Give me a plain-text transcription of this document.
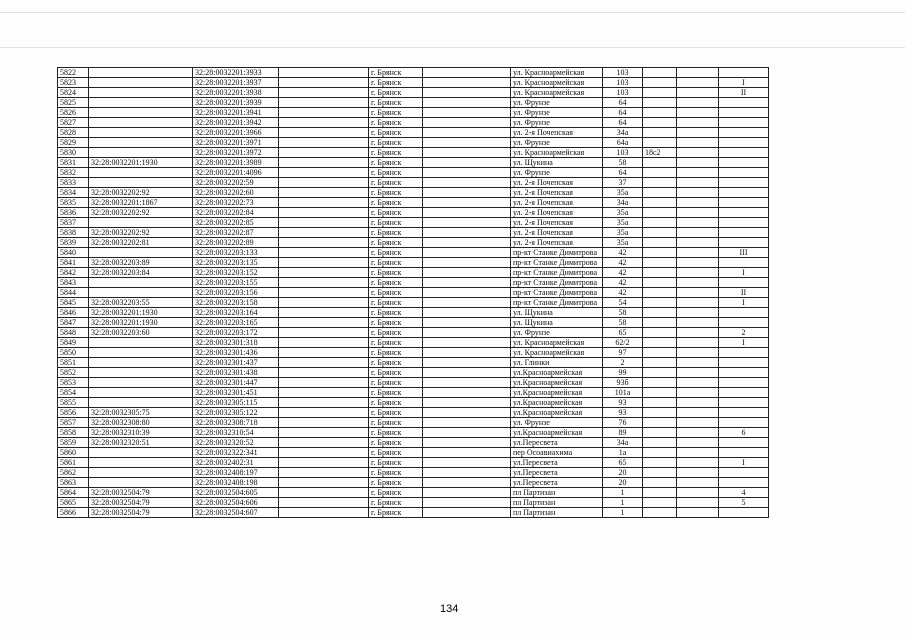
5822		32:28:0032201:3933		г. Брянск		ул. Красноармейская	103			
5823		32:28:0032201:3937		г. Брянск		ул. Красноармейская	103			I
5824		32:28:0032201:3938		г. Брянск		ул. Красноармейская	103			II
5825		32:28:0032201:3939		г. Брянск		ул. Фрунзе	64			
5826		32:28:0032201:3941		г. Брянск		ул. Фрунзе	64			
5827		32:28:0032201:3942		г. Брянск		ул. Фрунзе	64			
5828		32:28:0032201:3966		г. Брянск		ул. 2-я Почепская	34а			
5829		32:28:0032201:3971		г. Брянск		ул. Фрунзе	64а			
5830		32:28:0032201:3972		г. Брянск		ул. Красноармейская	103	18с2		
5831	32:28:0032201:1930	32:28:0032201:3989		г. Брянск		ул. Щукина	58			
5832		32:28:0032201:4096		г. Брянск		ул. Фрунзе	64			
5833		32:28:0032202:59		г. Брянск		ул. 2-я Почепская	37			
5834	32:28:0032202:92	32:28:0032202:60		г. Брянск		ул. 2-я Почепская	35а			
5835	32:28:0032201:1867	32:28:0032202:73		г. Брянск		ул. 2-я Почепская	34а			
5836	32:28:0032202:92	32:28:0032202:84		г. Брянск		ул. 2-я Почепская	35а			
5837		32:28:0032202:85		г. Брянск		ул. 2-я Почепская	35а			
5838	32:28:0032202:92	32:28:0032202:87		г. Брянск		ул. 2-я Почепская	35а			
5839	32:28:0032202:81	32:28:0032202:89		г. Брянск		ул. 2-я Почепская	35а			
5840		32:28:0032203:133		г. Брянск		пр-кт Станке Димитрова	42			III
5841	32:28:0032203:89	32:28:0032203:135		г. Брянск		пр-кт Станке Димитрова	42			
5842	32:28:0032203:84	32:28:0032203:152		г. Брянск		пр-кт Станке Димитрова	42			I
5843		32:28:0032203:155		г. Брянск		пр-кт Станке Димитрова	42			
5844		32:28:0032203:156		г. Брянск		пр-кт Станке Димитрова	42			II
5845	32:28:0032203:55	32:28:0032203:158		г. Брянск		пр-кт Станке Димитрова	54			I
5846	32:28:0032201:1930	32:28:0032203:164		г. Брянск		ул. Щукина	58			
5847	32:28:0032201:1930	32:28:0032203:165		г. Брянск		ул. Щукина	58			
5848	32:28:0032203:60	32:28:0032203:172		г. Брянск		ул. Фрунзе	65			2
5849		32:28:0032301:318		г. Брянск		ул. Красноармейская	62/2			I
5850		32:28:0032301:436		г. Брянск		ул. Красноармейская	97			
5851		32:28:0032301:437		г. Брянск		ул. Глинки	2			
5852		32:28:0032301:438		г. Брянск		ул.Красноармейская	99			
5853		32:28:0032301:447		г. Брянск		ул.Красноармейская	93б			
5854		32:28:0032301:451		г. Брянск		ул.Красноармейская	101а			
5855		32:28:0032305:115		г. Брянск		ул.Красноармейская	93			
5856	32:28:0032305:75	32:28:0032305:122		г. Брянск		ул.Красноармейская	93			
5857	32:28:0032308:80	32:28:0032308:718		г. Брянск		ул. Фрунзе	76			
5858	32:28:0032310:39	32:28:0032310:54		г. Брянск		ул.Красноармейская	89			6
5859	32:28:0032320:51	32:28:0032320:52		г. Брянск		ул.Пересвета	34а			
5860		32:28:0032322:341		г. Брянск		пер Осоавиахима	1а			
5861		32:28:0032402:31		г. Брянск		ул.Пересвета	65			I
5862		32:28:0032408:197		г. Брянск		ул.Пересвета	20			
5863		32:28:0032408:198		г. Брянск		ул.Пересвета	20			
5864	32:28:0032504:79	32:28:0032504:605		г. Брянск		пл Партизан	1			4
5865	32:28:0032504:79	32:28:0032504:606		г. Брянск		пл Партизан	1			5
5866	32:28:0032504:79	32:28:0032504:607		г. Брянск		пл Партизан	1			
134
